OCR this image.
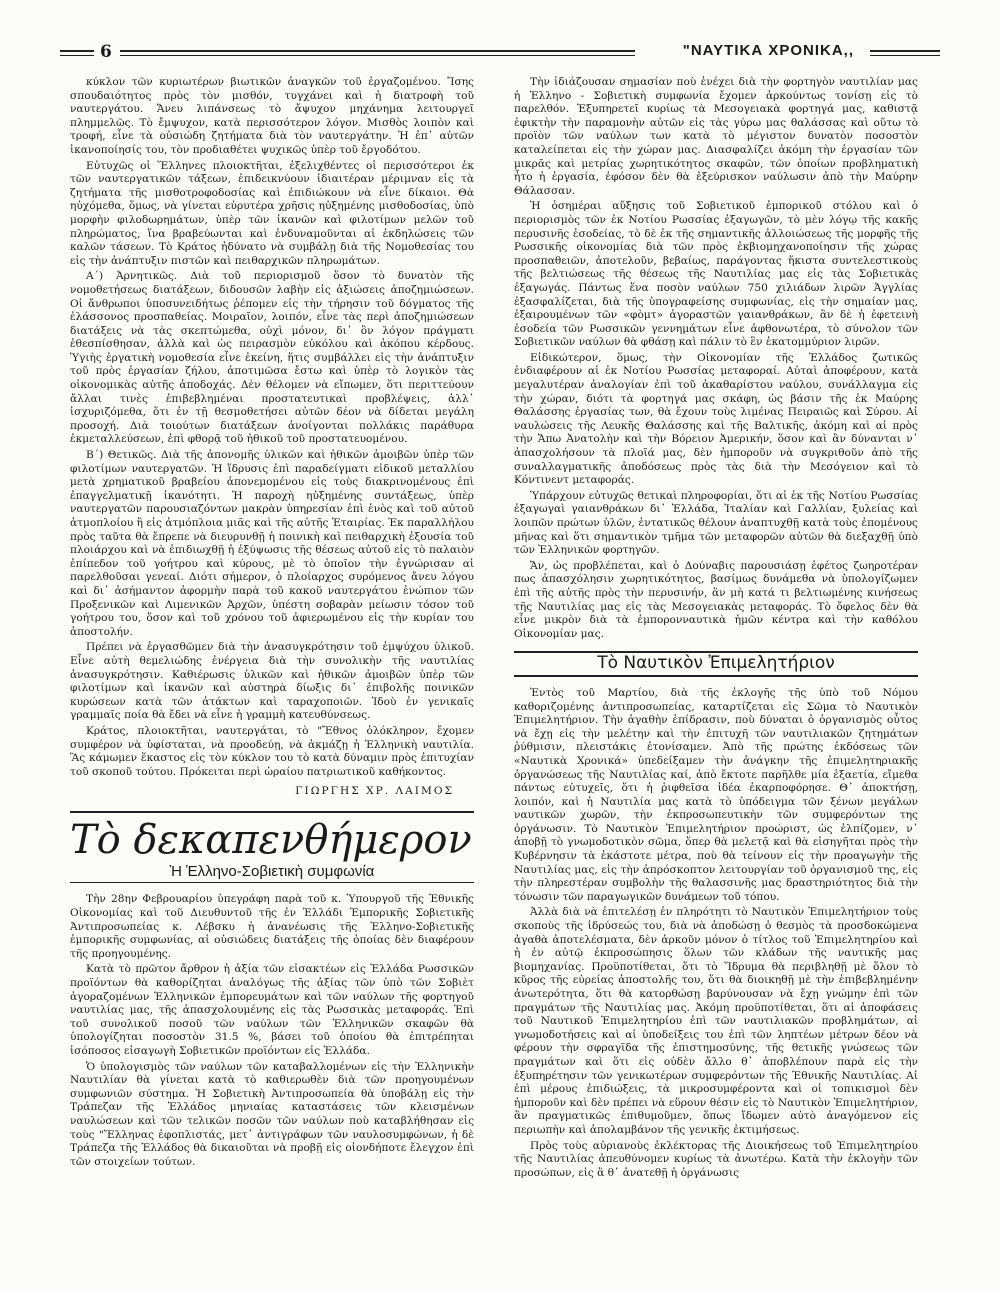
6	"ΝΑΥΤΙΚΑ ΧΡΟΝΙΚΑ,,

κύκλον τῶν κυριωτέρων βιωτικῶν ἀναγκῶν τοῦ ἐργαζομένου. Ἴσης σπουδαιότητος πρὸς τὸν μισθόν, τυγχάνει καὶ ἡ διατροφὴ τοῦ ναυτεργάτου. Ἄνευ λιπάνσεως τὸ ἄψυχον μηχάνημα λειτουργεῖ πλημμελῶς. Τὸ ἔμψυχον, κατὰ περισσότερον λόγον. Μισθὸς λοιπὸν καὶ τροφή, εἶνε τὰ οὐσιώδη ζητήματα διὰ τὸν ναυτεργάτην. Ἡ ἐπ᾽ αὐτῶν ἱκανοποίησίς του, τὸν προδιαθέτει ψυχικῶς ὑπὲρ τοῦ ἔργοδότου.

Εὐτυχῶς οἱ Ἕλληνες πλοιοκτῆται, ἐξελιχθέντες οἱ περισσότεροι ἐκ τῶν ναυτεργατικῶν τάξεων, ἐπιδεικνύουν ἰδιαιτέραν μέριμναν εἰς τὰ ζητήματα τῆς μισθοτροφοδοσίας καὶ ἐπιδιώκουν νὰ εἶνε δίκαιοι. Θὰ ηὐχόμεθα, ὅμως, νὰ γίνεται εὐρυτέρα χρῆσις ηὐξημένης μισθοδοσίας, ὑπὸ μορφὴν φιλοδωρημάτων, ὑπὲρ τῶν ἱκανῶν καὶ φιλοτίμων μελῶν τοῦ πληρώματος, ἵνα βραβεύωνται καὶ ἐνδυναμοῦνται αἱ ἐκδηλώσεις τῶν καλῶν τάσεων. Τὸ Κράτος ἠδύνατο νὰ συμβάλῃ διὰ τῆς Νομοθεσίας του εἰς τὴν ἀνάπτυξιν πιστῶν καὶ πειθαρχικῶν πληρωμάτων.

Α΄) Ἀρνητικῶς. Διὰ τοῦ περιορισμοῦ ὅσον τὸ δυνατὸν τῆς νομοθετήσεως διατάξεων, διδουσῶν λαβὴν εἰς ἀξιώσεις ἀποζημιώσεων. Οἱ ἄνθρωποι ὑποσυνειδήτως ῥέπομεν εἰς τὴν τήρησιν τοῦ δόγματος τῆς ἐλάσσονος προσπαθείας. Μοιραῖον, λοιπόν, εἶνε τὰς περὶ ἀποζημιώσεων διατάξεις νὰ τὰς σκεπτώμεθα, οὐχὶ μόνον, δι᾽ ὃν λόγον πράγματι ἐθεσπίσθησαν, ἀλλὰ καὶ ὡς πειρασμὸν εὐκόλου καὶ ἀκόπου κέρδους. Ὑγιὴς ἐργατικὴ νομοθεσία εἶνε ἐκείνη, ἥτις συμβάλλει εἰς τὴν ἀνάπτυξιν τοῦ πρὸς ἐργασίαν ζήλου, ἀποτιμῶσα ἔστω καὶ ὑπὲρ τὸ λογικὸν τὰς οἰκονομικὰς αὐτῆς ἀποδοχάς. Δὲν θέλομεν νὰ εἴπωμεν, ὅτι περιττεύουν ἄλλαι τινὲς ἐπιβεβλημέναι προστατευτικαὶ προβλέψεις, ἀλλ᾽ ἰσχυριζόμεθα, ὅτι ἐν τῇ θεσμοθετήσει αὐτῶν δέον νὰ δίδεται μεγάλη προσοχή. Διὰ τοιούτων διατάξεων ἀνοίγονται πολλάκις παράθυρα ἐκμεταλλεύσεων, ἐπὶ φθορᾷ τοῦ ἠθικοῦ τοῦ προστατευομένου.

Β΄) Θετικῶς. Διὰ τῆς ἀπονομῆς ὑλικῶν καὶ ἠθικῶν ἀμοιβῶν ὑπὲρ τῶν φιλοτίμων ναυτεργατῶν. Ἡ ἵδρυσις ἐπὶ παραδείγματι εἰδικοῦ μεταλλίου μετὰ χρηματικοῦ βραβείου ἀπονεμομένου εἰς τοὺς διακρινομένους ἐπὶ ἐπαγγελματικῇ ἱκανότητι. Ἡ παροχὴ ηὐξημένης συντάξεως, ὑπὲρ ναυτεργατῶν παρουσιαζόντων μακρὰν ὑπηρεσίαν ἐπὶ ἑνὸς καὶ τοῦ αὐτοῦ ἀτμοπλοίου ἢ εἰς ἀτμόπλοια μιᾶς καὶ τῆς αὐτῆς Ἑταιρίας. Ἐκ παραλλήλου πρὸς ταῦτα θὰ ἔπρεπε νὰ διευρυνθῇ ἡ ποινικὴ καὶ πειθαρχικὴ ἐξουσία τοῦ πλοιάρχου καὶ νὰ ἐπιδιωχθῇ ἡ ἐξύψωσις τῆς θέσεως αὐτοῦ εἰς τὸ παλαιὸν ἐπίπεδον τοῦ γοήτρου καὶ κύρους, μὲ τὸ ὁποῖον τὴν ἐγνώρισαν αἱ παρελθοῦσαι γενεαί. Διότι σήμερον, ὁ πλοίαρχος συρόμενος ἄνευ λόγου καὶ δι᾽ ἀσήμαντον ἀφορμὴν παρὰ τοῦ κακοῦ ναυτεργάτου ἐνώπιον τῶν Προξενικῶν καὶ Λιμενικῶν Ἀρχῶν, ὑπέστη σοβαρὰν μείωσιν τόσον τοῦ γοήτρου του, ὅσον καὶ τοῦ χρόνου τοῦ ἀφιερωμένου εἰς τὴν κυρίαν του ἀποστολήν.

Πρέπει νὰ ἐργασθῶμεν διὰ τὴν ἀνασυγκρότησιν τοῦ ἐμψύχου ὑλικοῦ. Εἶνε αὐτὴ θεμελιώδης ἐνέργεια διὰ τὴν συνολικὴν τῆς ναυτιλίας ἀνασυγκρότησιν. Καθιέρωσις ὑλικῶν καὶ ἠθικῶν ἀμοιβῶν ὑπὲρ τῶν φιλοτίμων καὶ ἱκανῶν καὶ αὐστηρὰ δίωξις δι᾽ ἐπιβολῆς ποινικῶν κυρώσεων κατὰ τῶν ἀτάκτων καὶ ταραχοποιῶν. Ἰδοὺ ἐν γενικαῖς γραμμαῖς ποία θὰ ἔδει νὰ εἶνε ἡ γραμμὴ κατευθύνσεως.

Κράτος, πλοιοκτῆται, ναυτεργάται, τὸ "Ἔθνος ὁλόκληρον, ἔχομεν συμφέρον νὰ ὑφίσταται, νὰ προοδεύῃ, νὰ ἀκμάζῃ ἡ Ἑλληνικὴ ναυτιλία. Ἂς κάμωμεν ἕκαστος εἰς τὸν κύκλον του τὸ κατὰ δύναμιν πρὸς ἐπιτυχίαν τοῦ σκοποῦ τούτου. Πρόκειται περὶ ὡραίου πατριωτικοῦ καθήκοντος.

ΓΙΩΡΓΗΣ ΧΡ. ΛΑΙΜΟΣ

Τὸ δεκαπενθήμερον
Ἡ Ἑλληνο-Σοβιετικὴ συμφωνία

Τὴν 28ην Φεβρουαρίου ὑπεγράφη παρὰ τοῦ κ. Ὑπουργοῦ τῆς Ἐθνικῆς Οἰκονομίας καὶ τοῦ Διευθυντοῦ τῆς ἐν Ἑλλάδι Ἐμπορικῆς Σοβιετικῆς Ἀντιπροσωπείας κ. Λέβσκυ ἡ ἀνανέωσις τῆς Ἑλληνο-Σοβιετικῆς ἐμπορικῆς συμφωνίας, αἱ οὐσιώδεις διατάξεις τῆς ὁποίας δὲν διαφέρουν τῆς προηγουμένης.

Κατὰ τὸ πρῶτον ἄρθρον ἡ ἀξία τῶν εἰσακτέων εἰς Ἑλλάδα Ρωσσικῶν προϊόντων θὰ καθορίζηται ἀναλόγως τῆς ἀξίας τῶν ὑπὸ τῶν Σοβιὲτ ἀγοραζομένων Ἑλληνικῶν ἐμπορευμάτων καὶ τῶν ναύλων τῆς φορτηγοῦ ναυτιλίας μας, τῆς ἀπασχολουμένης εἰς τὰς Ρωσσικὰς μεταφοράς. Ἐπὶ τοῦ συνολικοῦ ποσοῦ τῶν ναύλων τῶν Ἑλληνικῶν σκαφῶν θὰ ὑπολογίζηται ποσοστὸν 31.5 %, βάσει τοῦ ὁποίου θὰ ἐπιτρέπηται ἰσόποσος εἰσαγωγὴ Σοβιετικῶν προϊόντων εἰς Ἑλλάδα.

Ὁ ὑπολογισμὸς τῶν ναύλων τῶν καταβαλλομένων εἰς τὴν Ἑλληνικὴν Ναυτιλίαν θὰ γίνεται κατὰ τὸ καθιερωθὲν διὰ τῶν προηγουμένων συμφωνιῶν σύστημα. Ἡ Σοβιετικὴ Ἀντιπροσωπεία θὰ ὑποβάλῃ εἰς τὴν Τράπεζαν τῆς Ἑλλάδος μηνιαίας καταστάσεις τῶν κλεισμένων ναυλώσεων καὶ τῶν τελικῶν ποσῶν τῶν ναύλων ποὺ καταβλήθησαν εἰς τοὺς "Ἕλληνας ἐφοπλιστάς, μετ᾽ ἀντιγράφων τῶν ναυλοσυμφώνων, ἡ δὲ Τράπεζα τῆς Ἑλλάδος θὰ δικαιοῦται νὰ προβῇ εἰς οἱονδήποτε ἔλεγχον ἐπὶ τῶν στοιχείων τούτων.

Τὴν ἰδιάζουσαν σημασίαν ποὺ ἐνέχει διὰ τὴν φορτηγὸν ναυτιλίαν μας ἡ Ἑλληνο - Σοβιετικὴ συμφωνία ἔχομεν ἀρκούντως τονίσῃ εἰς τὸ παρελθόν. Ἐξυπηρετεῖ κυρίως τὰ Μεσογειακὰ φορτηγά μας, καθιστᾷ ἐφικτὴν τὴν παραμονὴν αὐτῶν εἰς τὰς γύρω μας θαλάσσας καὶ οὕτω τὸ προϊὸν τῶν ναύλων των κατὰ τὸ μέγιστον δυνατὸν ποσοστὸν καταλείπεται εἰς τὴν χώραν μας. Διασφαλίζει ἀκόμη τὴν ἐργασίαν τῶν μικρᾶς καὶ μετρίας χωρητικότητος σκαφῶν, τῶν ὁποίων προβληματικὴ ἦτο ἡ ἐργασία, ἐφόσον δὲν θὰ ἐξεύρισκον ναύλωσιν ἀπὸ τὴν Μαύρην Θάλασσαν.

Ἡ ὁσημέραι αὔξησις τοῦ Σοβιετικοῦ ἐμπορικοῦ στόλου καὶ ὁ περιορισμὸς τῶν ἐκ Νοτίου Ρωσσίας ἐξαγωγῶν, τὸ μὲν λόγῳ τῆς κακῆς περυσινῆς ἐσοδείας, τὸ δὲ ἐκ τῆς σημαντικῆς ἀλλοιώσεως τῆς μορφῆς τῆς Ρωσσικῆς οἰκονομίας διὰ τῶν πρὸς ἐκβιομηχανοποίησιν τῆς χώρας προσπαθειῶν, ἀποτελοῦν, βεβαίως, παράγοντας ἥκιστα συντελεστικοὺς τῆς βελτιώσεως τῆς θέσεως τῆς Ναυτιλίας μας εἰς τὰς Σοβιετικὰς ἐξαγωγάς. Πάντως ἕνα ποσὸν ναύλων 750 χιλιάδων λιρῶν Ἀγγλίας ἐξασφαλίζεται, διὰ τῆς ὑπογραφείσης συμφωνίας, εἰς τὴν σημαίαν μας, ἐξαιρουμένων τῶν «φὸμτ» ἀγοραστῶν γαιανθράκων, ἂν δὲ ἡ ἐφετεινὴ ἐσοδεία τῶν Ρωσσικῶν γεννημάτων εἶνε ἀφθονωτέρα, τὸ σύνολον τῶν Σοβιετικῶν ναύλων θὰ φθάσῃ καὶ πάλιν τὸ ἓν ἑκατομμύριον λιρῶν.

Εἰδικώτερον, ὅμως, τὴν Οἰκονομίαν τῆς Ἑλλάδος ζωτικῶς ἐνδιαφέρουν αἱ ἐκ Νοτίου Ρωσσίας μεταφοραί. Αὐταὶ ἀποφέρουν, κατὰ μεγαλυτέραν ἀναλογίαν ἐπὶ τοῦ ἀκαθαρίστου ναύλου, συνάλλαγμα εἰς τὴν χώραν, διότι τὰ φορτηγά μας σκάφη, ὡς βάσιν τῆς ἐκ Μαύρης Θαλάσσης ἐργασίας των, θὰ ἔχουν τοὺς λιμένας Πειραιῶς καὶ Σύρου. Αἱ ναυλώσεις τῆς Λευκῆς Θαλάσσης καὶ τῆς Βαλτικῆς, ἀκόμη καὶ αἱ πρὸς τὴν Ἄπω Ἀνατολὴν καὶ τὴν Βόρειον Ἀμερικήν, ὅσον καὶ ἂν δύνανται ν᾽ ἀπασχολήσουν τὰ πλοῖά μας, δὲν ἠμποροῦν νὰ συγκριθοῦν ἀπὸ τῆς συναλλαγματικῆς ἀποδόσεως πρὸς τὰς διὰ τὴν Μεσόγειον καὶ τὸ Κόντινεντ μεταφοράς.

Ὑπάρχουν εὐτυχῶς θετικαὶ πληροφορίαι, ὅτι αἱ ἐκ τῆς Νοτίου Ρωσσίας ἐξαγωγαὶ γαιανθράκων δι᾽ Ἑλλάδα, Ἰταλίαν καὶ Γαλλίαν, ξυλείας καὶ λοιπῶν πρώτων ὑλῶν, ἐντατικῶς θέλουν ἀναπτυχθῇ κατὰ τοὺς ἐπομένους μῆνας καὶ ὅτι σημαντικὸν τμῆμα τῶν μεταφορῶν αὐτῶν θὰ διεξαχθῇ ὑπὸ τῶν Ἑλληνικῶν φορτηγῶν.

Ἄν, ὡς προβλέπεται, καὶ ὁ Δούναβις παρουσιάσῃ ἐφέτος ζωηροτέραν πως ἀπασχόλησιν χωρητικότητος, βασίμως δυνάμεθα νὰ ὑπολογίζωμεν ἐπὶ τῆς αὐτῆς πρὸς τὴν περυσινήν, ἂν μὴ κατά τι βελτιωμένης κινήσεως τῆς Ναυτιλίας μας εἰς τὰς Μεσογειακὰς μεταφοράς. Τὸ ὄφελος δὲν θὰ εἶνε μικρὸν διὰ τὰ ἐμπορονναυτικὰ ἡμῶν κέντρα καὶ τὴν καθόλου Οἰκονομίαν μας.

Τὸ Ναυτικὸν Ἐπιμελητήριον

Ἐντὸς τοῦ Μαρτίου, διὰ τῆς ἐκλογῆς τῆς ὑπὸ τοῦ Νόμου καθοριζομένης ἀντιπροσωπείας, καταρτίζεται εἰς Σῶμα τὸ Ναυτικὸν Ἐπιμελητήριον. Τὴν ἀγαθὴν ἐπίδρασιν, ποὺ δύναται ὁ ὀργανισμὸς οὗτος νὰ ἔχῃ εἰς τὴν μελέτην καὶ τὴν ἐπιτυχῆ τῶν ναυτιλιακῶν ζητημάτων ῥύθμισιν, πλειστάκις ἐτονίσαμεν. Ἀπὸ τῆς πρώτης ἐκδόσεως τῶν «Ναυτικὰ Χρονικά» ὑπεδείξαμεν τὴν ἀνάγκην τῆς ἐπιμελητηριακῆς ὀργανώσεως τῆς Ναυτιλίας καί, ἀπὸ ἔκτοτε παρῆλθε μία ἑξαετία, εἴμεθα πάντως εὐτυχεῖς, ὅτι ἡ ῥιφθεῖσα ἰδέα ἐκαρποφόρησε. Θ᾽ ἀποκτήσῃ, λοιπόν, καὶ ἡ Ναυτιλία μας κατὰ τὸ ὑπόδειγμα τῶν ξένων μεγάλων ναυτικῶν χωρῶν, τὴν ἐκπροσωπευτικὴν τῶν συμφερόντων της ὀργάνωσιν. Τὸ Ναυτικὸν Ἐπιμελητήριον προώριστ, ὡς ἐλπίζομεν, ν᾽ ἀποβῇ τὸ γνωμοδοτικὸν σῶμα, ὅπερ θὰ μελετᾷ καὶ θὰ εἰσηγῆται πρὸς τὴν Κυβέρνησιν τὰ ἑκάστοτε μέτρα, ποὺ θὰ τείνουν εἰς τὴν προαγωγὴν τῆς Ναυτιλίας μας, εἰς τὴν ἀπρόσκοπτον λειτουργίαν τοῦ ὀργανισμοῦ της, εἰς τὴν πληρεστέραν συμβολὴν τῆς θαλασσινῆς μας δραστηριότητος διὰ τὴν τόνωσιν τῶν παραγωγικῶν δυνάμεων τοῦ τόπου.

Ἀλλὰ διὰ νὰ ἐπιτελέσῃ ἐν πληρότητι τὸ Ναυτικὸν Ἐπιμελητήριον τοὺς σκοποὺς τῆς ἱδρύσεώς του, διὰ νὰ ἀποδώσῃ ὁ θεσμὸς τὰ προσδοκώμενα ἀγαθὰ ἀποτελέσματα, δὲν ἀρκοῦν μόνον ὁ τίτλος τοῦ Ἐπιμελητηρίου καὶ ἡ ἐν αὐτῷ ἐκπροσώπησις ὅλων τῶν κλάδων τῆς ναυτικῆς μας βιομηχανίας. Προϋποτίθεται, ὅτι τὸ Ἵδρυμα θὰ περιβληθῇ μὲ ὅλον τὸ κῦρος τῆς εὐρείας ἀποστολῆς του, ὅτι θὰ διοικηθῇ μὲ τὴν ἐπιβεβλημένην ἀνωτερότητα, ὅτι θὰ κατορθώσῃ βαρύνουσαν νὰ ἔχῃ γνώμην ἐπὶ τῶν πραγμάτων τῆς Ναυτιλίας μας. Ἀκόμη προϋποτίθεται, ὅτι αἱ ἀποφάσεις τοῦ Ναυτικοῦ Ἐπιμελητηρίου ἐπὶ τῶν ναυτιλιακῶν προβλημάτων, αἱ γνωμοδοτήσεις καὶ αἱ ὑποδείξεις του ἐπὶ τῶν ληπτέων μέτρων δέον νὰ φέρουν τὴν σφραγῖδα τῆς ἐπιστημοσύνης, τῆς θετικῆς γνώσεως τῶν πραγμάτων καὶ ὅτι εἰς οὐδὲν ἄλλο θ᾽ ἀποβλέπουν παρὰ εἰς τὴν ἐξυπηρέτησιν τῶν γενικωτέρων συμφερόντων τῆς Ἐθνικῆς Ναυτιλίας. Αἱ ἐπὶ μέρους ἐπιδιώξεις, τὰ μικροσυμφέροντα καὶ οἱ τοπικισμοὶ δὲν ἠμποροῦν καὶ δὲν πρέπει νὰ εὕρουν θέσιν εἰς τὸ Ναυτικὸν Ἐπιμελητήριον, ἂν πραγματικῶς ἐπιθυμοῦμεν, ὅπως ἴδωμεν αὐτὸ ἀναγόμενον εἰς περιωπὴν καὶ ἀπολαμβάνον τῆς γενικῆς ἐκτιμήσεως.

Πρὸς τοὺς αὐριανοὺς ἐκλέκτορας τῆς Διοικήσεως τοῦ Ἐπιμελητηρίου τῆς Ναυτιλίας ἀπευθύνομεν κυρίως τὰ ἀνωτέρω. Κατὰ τὴν ἐκλογὴν τῶν προσώπων, εἰς ἃ θ᾽ ἀνατεθῇ ἡ ὀργάνωσις
